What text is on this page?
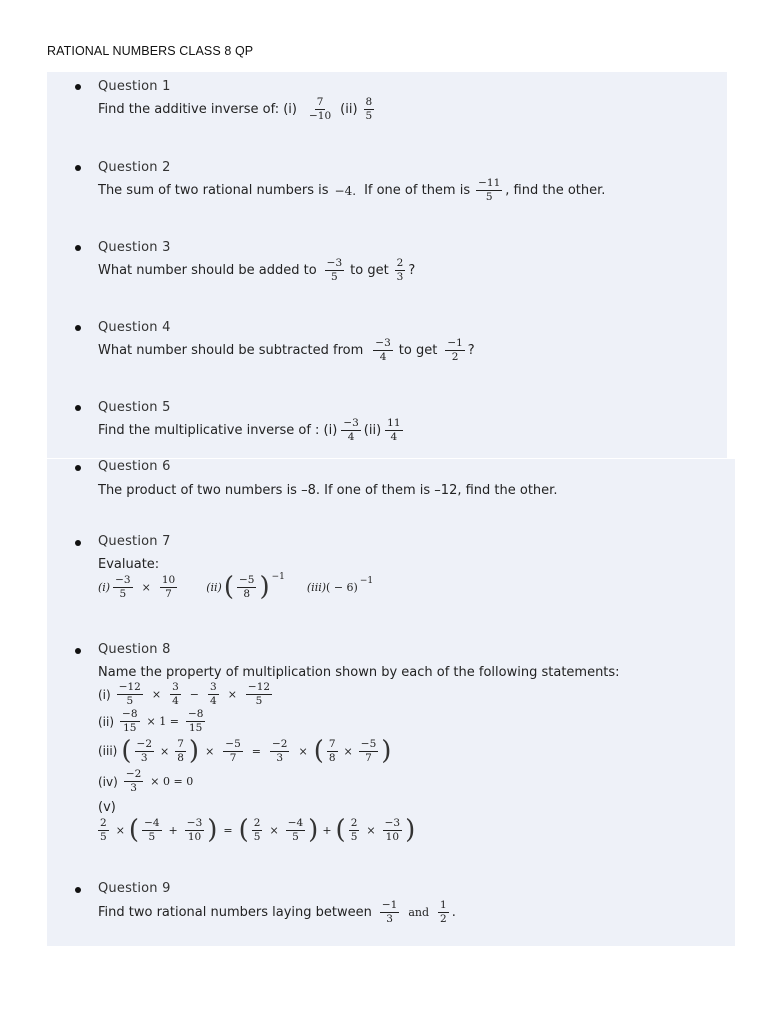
RATIONAL NUMBERS CLASS 8 QP
Question 1
Find the additive inverse of: $(i) \frac{7}{-10} (ii) \frac{8}{5}$
Question 2
The sum of two rational numbers is −4. If one of them is $\frac{-11}{5}$ , find the other.
Question 3
What number should be added to $\frac{-3}{5}$ to get $\frac{2}{3}$ ?
Question 4
What number should be subtracted from $\frac{-3}{4}$ to get $\frac{-1}{2}$ ?
Question 5
Find the multiplicative inverse of : $(i) \frac{-3}{4} (ii) \frac{11}{4}$
Question 6
The product of two numbers is –8. If one of them is –12, find the other.
Question 7
Evaluate:
$(i) \frac{-3}{5} \times \frac{10}{7}$	(ii) ( $\frac{-5}{8}$ ) −1
(iii) ( − 6) −1
Question 8
Name the property of multiplication shown by each of the following statements:
$(i) \frac{-12}{5} \times \frac{3}{4} - \frac{3}{4} \times \frac{-12}{5}$
$(ii) \frac{-8}{15} \times 1 = \frac{-8}{15}$
(iii) ( $\frac{-2}{3} \times \frac{7}{8}$ ) × $\frac{-5}{7} = \frac{-2}{3}$ × ( $\frac{7}{8} \times \frac{-5}{7}$ )
$(iv) \frac{-2}{3} \times 0 = 0$
(v)
$\frac{2}{5}$ × ( $\frac{-4}{5} + \frac{-3}{10}$ ) = ( $\frac{2}{5} \times \frac{-4}{5}$ ) + ( $\frac{2}{5} \times \frac{-3}{10}$ )
Question 9
Find two rational numbers laying between $\frac{-1}{3}$ and $\frac{1}{2}$ .
